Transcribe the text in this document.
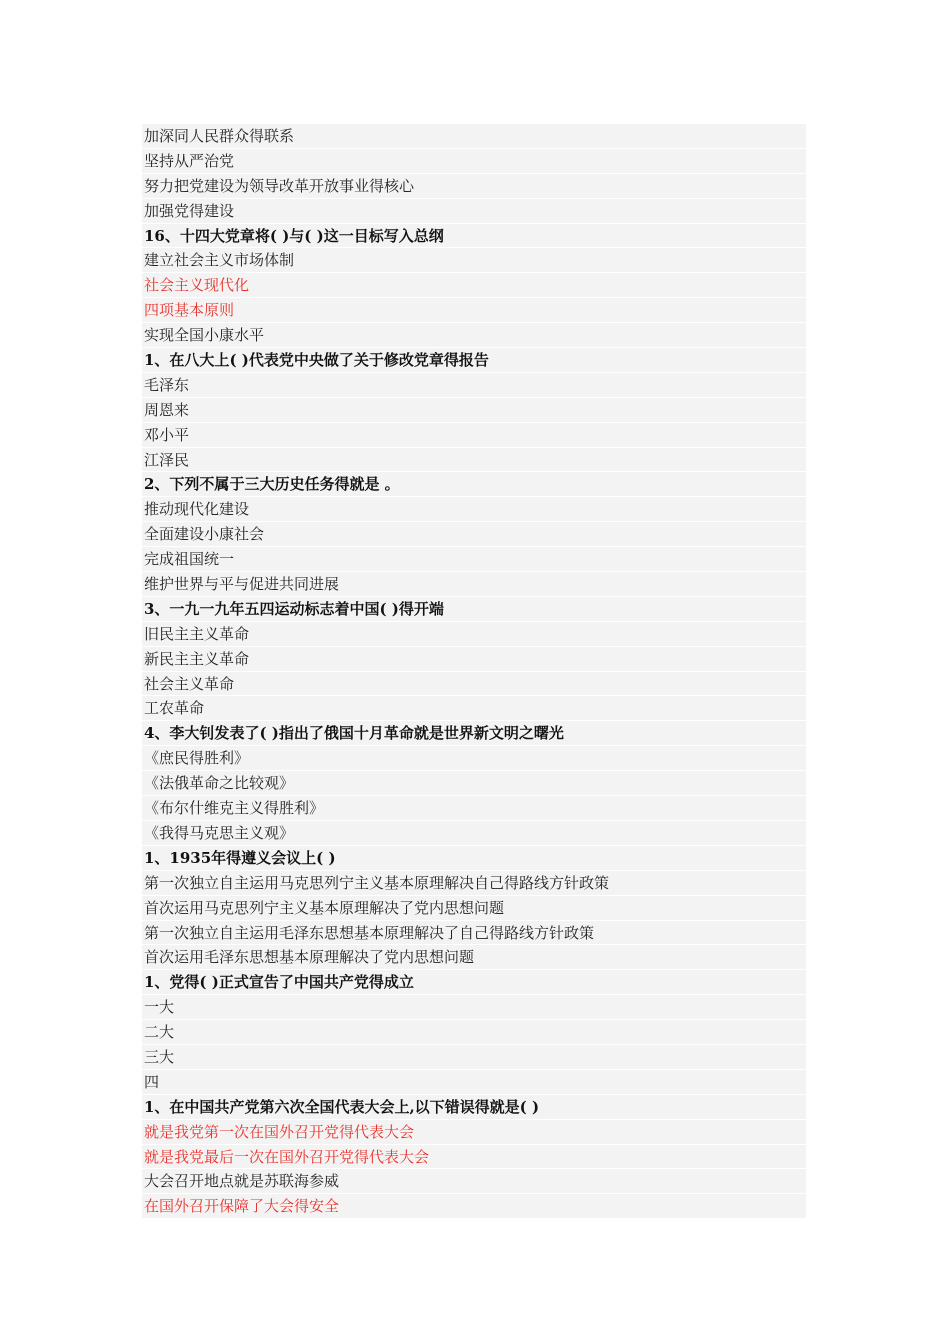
加深同人民群众得联系
坚持从严治党
努力把党建设为领导改革开放事业得核心
加强党得建设
16、十四大党章将( )与( )这一目标写入总纲
建立社会主义市场体制
社会主义现代化
四项基本原则
实现全国小康水平
1、在八大上( )代表党中央做了关于修改党章得报告
毛泽东
周恩来
邓小平
江泽民
2、下列不属于三大历史任务得就是 。
推动现代化建设
全面建设小康社会
完成祖国统一
维护世界与平与促进共同进展
3、一九一九年五四运动标志着中国( )得开端
旧民主主义革命
新民主主义革命
社会主义革命
工农革命
4、李大钊发表了( )指出了俄国十月革命就是世界新文明之曙光
《庶民得胜利》
《法俄革命之比较观》
《布尔什维克主义得胜利》
《我得马克思主义观》
1、1935年得遵义会议上( )
第一次独立自主运用马克思列宁主义基本原理解决自己得路线方针政策
首次运用马克思列宁主义基本原理解决了党内思想问题
第一次独立自主运用毛泽东思想基本原理解决了自己得路线方针政策
首次运用毛泽东思想基本原理解决了党内思想问题
1、党得( )正式宣告了中国共产党得成立
一大
二大
三大
四
1、在中国共产党第六次全国代表大会上,以下错误得就是( )
就是我党第一次在国外召开党得代表大会
就是我党最后一次在国外召开党得代表大会
大会召开地点就是苏联海参威
在国外召开保障了大会得安全
